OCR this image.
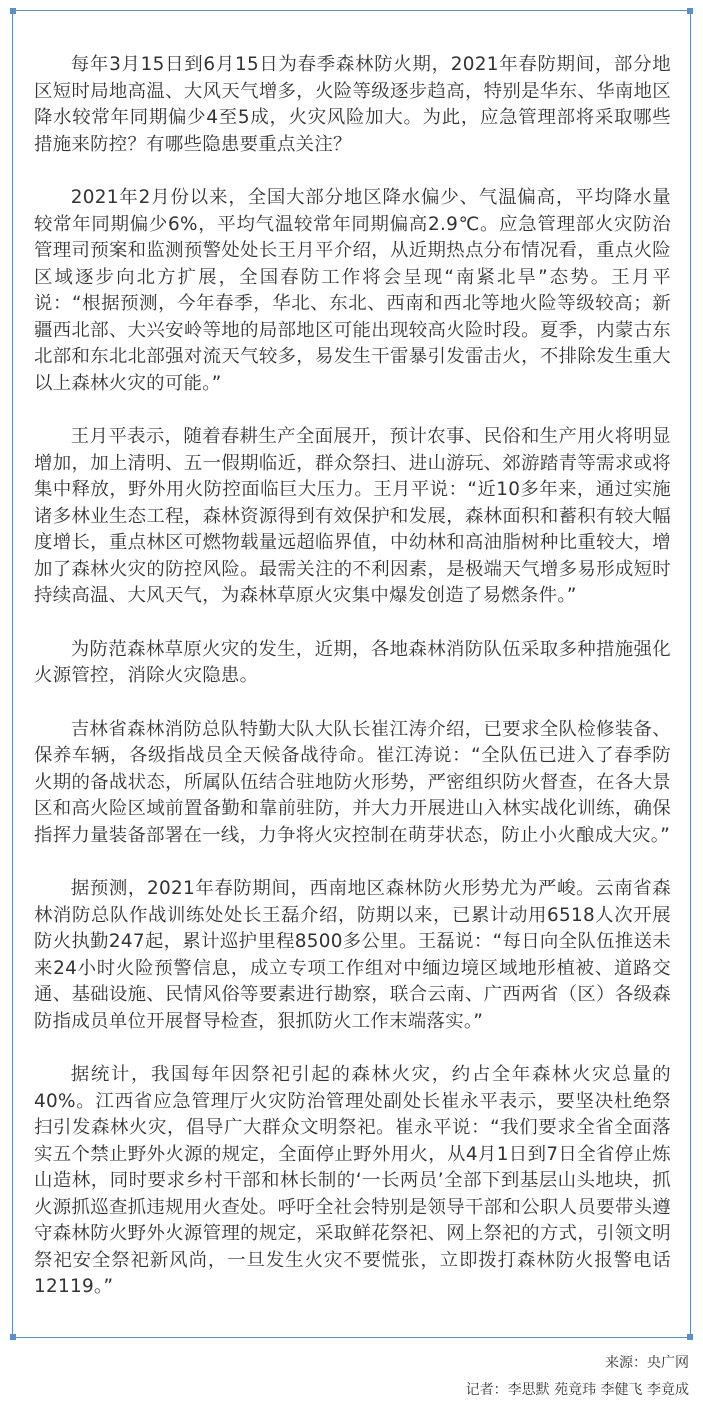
每年3月15日到6月15日为春季森林防火期，2021年春防期间，部分地区短时局地高温、大风天气增多，火险等级逐步趋高，特别是华东、华南地区降水较常年同期偏少4至5成，火灾风险加大。为此，应急管理部将采取哪些措施来防控？有哪些隐患要重点关注？

2021年2月份以来，全国大部分地区降水偏少、气温偏高，平均降水量较常年同期偏少6%，平均气温较常年同期偏高2.9℃。应急管理部火灾防治管理司预案和监测预警处处长王月平介绍，从近期热点分布情况看，重点火险区域逐步向北方扩展，全国春防工作将会呈现“南紧北旱”态势。王月平说：“根据预测，今年春季，华北、东北、西南和西北等地火险等级较高；新疆西北部、大兴安岭等地的局部地区可能出现较高火险时段。夏季，内蒙古东北部和东北北部强对流天气较多，易发生干雷暴引发雷击火，不排除发生重大以上森林火灾的可能。”

王月平表示，随着春耕生产全面展开，预计农事、民俗和生产用火将明显增加，加上清明、五一假期临近，群众祭扫、进山游玩、郊游踏青等需求或将集中释放，野外用火防控面临巨大压力。王月平说：“近10多年来，通过实施诸多林业生态工程，森林资源得到有效保护和发展，森林面积和蓄积有较大幅度增长，重点林区可燃物载量远超临界值，中幼林和高油脂树种比重较大，增加了森林火灾的防控风险。最需关注的不利因素，是极端天气增多易形成短时持续高温、大风天气，为森林草原火灾集中爆发创造了易燃条件。”

为防范森林草原火灾的发生，近期，各地森林消防队伍采取多种措施强化火源管控，消除火灾隐患。

吉林省森林消防总队特勤大队大队长崔江涛介绍，已要求全队检修装备、保养车辆，各级指战员全天候备战待命。崔江涛说：“全队伍已进入了春季防火期的备战状态，所属队伍结合驻地防火形势，严密组织防火督查，在各大景区和高火险区域前置备勤和靠前驻防，并大力开展进山入林实战化训练，确保指挥力量装备部署在一线，力争将火灾控制在萌芽状态，防止小火酿成大灾。”

据预测，2021年春防期间，西南地区森林防火形势尤为严峻。云南省森林消防总队作战训练处处长王磊介绍，防期以来，已累计动用6518人次开展防火执勤247起，累计巡护里程8500多公里。王磊说：“每日向全队伍推送未来24小时火险预警信息，成立专项工作组对中缅边境区域地形植被、道路交通、基础设施、民情风俗等要素进行勘察，联合云南、广西两省（区）各级森防指成员单位开展督导检查，狠抓防火工作末端落实。”

据统计，我国每年因祭祀引起的森林火灾，约占全年森林火灾总量的40%。江西省应急管理厅火灾防治管理处副处长崔永平表示，要坚决杜绝祭扫引发森林火灾，倡导广大群众文明祭祀。崔永平说：“我们要求全省全面落实五个禁止野外火源的规定，全面停止野外用火，从4月1日到7日全省停止炼山造林，同时要求乡村干部和林长制的‘一长两员’全部下到基层山头地块，抓火源抓巡查抓违规用火查处。呼吁全社会特别是领导干部和公职人员要带头遵守森林防火野外火源管理的规定，采取鲜花祭祀、网上祭祀的方式，引领文明祭祀安全祭祀新风尚，一旦发生火灾不要慌张，立即拨打森林防火报警电话12119。”

来源：央广网
记者：李思默 苑竟玮 李健飞 李竟成
